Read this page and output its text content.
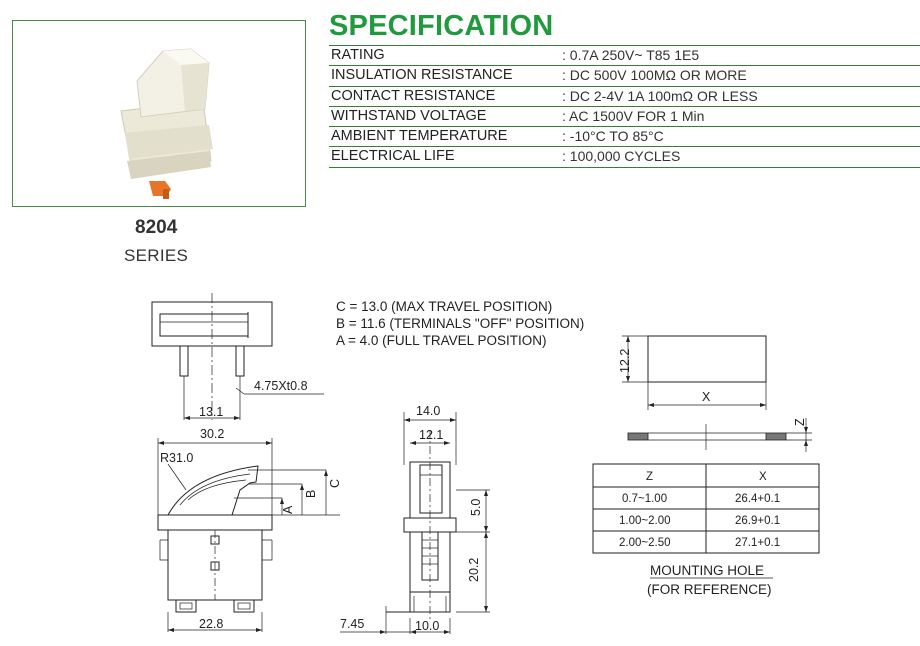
8204
SERIES
SPECIFICATION
RATING	: 0.7A 250V~ T85 1E5
INSULATION RESISTANCE	: DC 500V 100MΩ OR MORE
CONTACT RESISTANCE	: DC 2-4V 1A 100mΩ OR LESS
WITHSTAND VOLTAGE	: AC 1500V FOR 1 Min
AMBIENT TEMPERATURE	: -10°C TO 85°C
ELECTRICAL LIFE	: 100,000 CYCLES
C = 13.0 (MAX TRAVEL POSITION)
B = 11.6 (TERMINALS "OFF" POSITION)
A = 4.0 (FULL TRAVEL POSITION)
4.75Xt0.8
13.1
30.2
R31.0
A
B
C
22.8
14.0
12.1
5.0
20.2
7.45	10.0
12.2
X
Z
Z	X
0.7~1.00	26.4+0.1
1.00~2.00	26.9+0.1
2.00~2.50	27.1+0.1
MOUNTING HOLE
(FOR REFERENCE)
